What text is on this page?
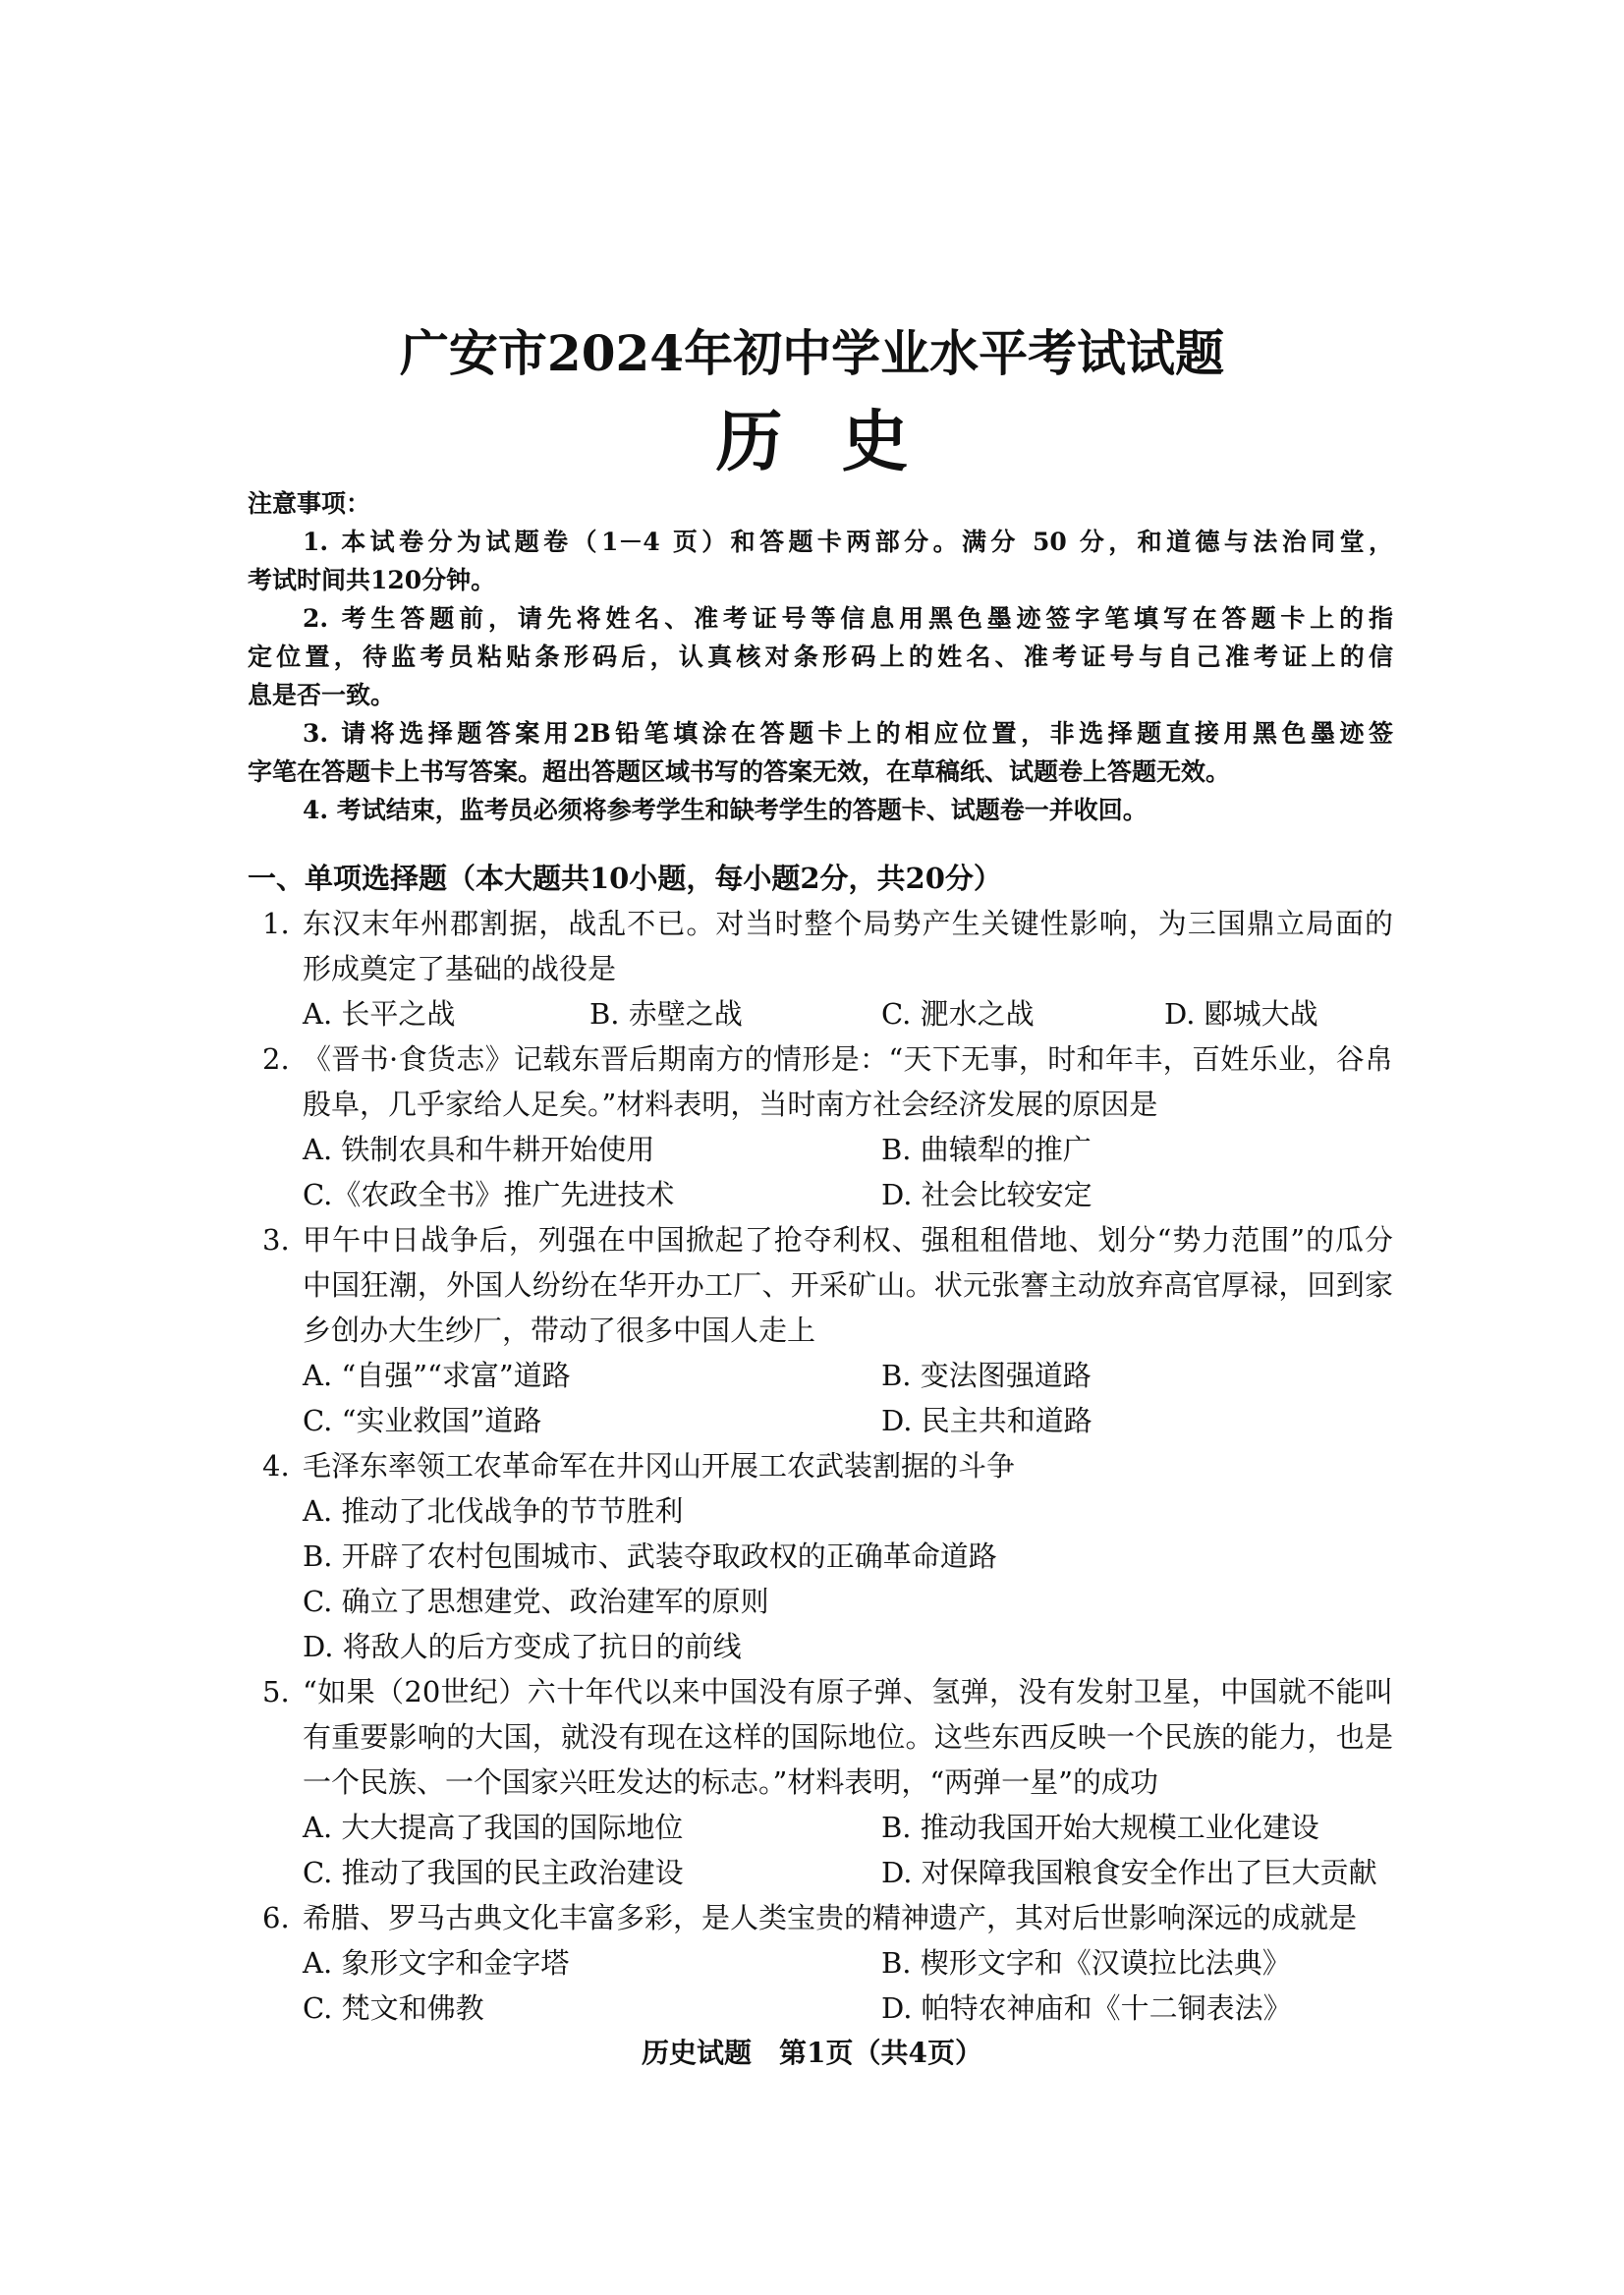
广安市2024年初中学业水平考试试题
历史
注意事项：
1. 本试卷分为试题卷（1－4 页）和答题卡两部分。满分 50 分，和道德与法治同堂，
考试时间共120分钟。
2. 考生答题前，请先将姓名、准考证号等信息用黑色墨迹签字笔填写在答题卡上的指
定位置，待监考员粘贴条形码后，认真核对条形码上的姓名、准考证号与自己准考证上的信
息是否一致。
3. 请将选择题答案用2B铅笔填涂在答题卡上的相应位置，非选择题直接用黑色墨迹签
字笔在答题卡上书写答案。超出答题区域书写的答案无效，在草稿纸、试题卷上答题无效。
4. 考试结束，监考员必须将参考学生和缺考学生的答题卡、试题卷一并收回。
一、单项选择题（本大题共10小题，每小题2分，共20分）
1. 东汉末年州郡割据，战乱不已。对当时整个局势产生关键性影响，为三国鼎立局面的
形成奠定了基础的战役是
A. 长平之战	B. 赤壁之战	C. 淝水之战	D. 郾城大战
2. 《晋书·食货志》记载东晋后期南方的情形是：“天下无事，时和年丰，百姓乐业，谷帛
殷阜，几乎家给人足矣。”材料表明，当时南方社会经济发展的原因是
A. 铁制农具和牛耕开始使用	B. 曲辕犁的推广
C.《农政全书》推广先进技术	D. 社会比较安定
3. 甲午中日战争后，列强在中国掀起了抢夺利权、强租租借地、划分“势力范围”的瓜分
中国狂潮，外国人纷纷在华开办工厂、开采矿山。状元张謇主动放弃高官厚禄，回到家
乡创办大生纱厂，带动了很多中国人走上
A. “自强”“求富”道路	B. 变法图强道路
C. “实业救国”道路	D. 民主共和道路
4. 毛泽东率领工农革命军在井冈山开展工农武装割据的斗争
A. 推动了北伐战争的节节胜利
B. 开辟了农村包围城市、武装夺取政权的正确革命道路
C. 确立了思想建党、政治建军的原则
D. 将敌人的后方变成了抗日的前线
5. “如果（20世纪）六十年代以来中国没有原子弹、氢弹，没有发射卫星，中国就不能叫
有重要影响的大国，就没有现在这样的国际地位。这些东西反映一个民族的能力，也是
一个民族、一个国家兴旺发达的标志。”材料表明，“两弹一星”的成功
A. 大大提高了我国的国际地位	B. 推动我国开始大规模工业化建设
C. 推动了我国的民主政治建设	D. 对保障我国粮食安全作出了巨大贡献
6. 希腊、罗马古典文化丰富多彩，是人类宝贵的精神遗产，其对后世影响深远的成就是
A. 象形文字和金字塔	B. 楔形文字和《汉谟拉比法典》
C. 梵文和佛教	D. 帕特农神庙和《十二铜表法》
历史试题　第1页（共4页）
